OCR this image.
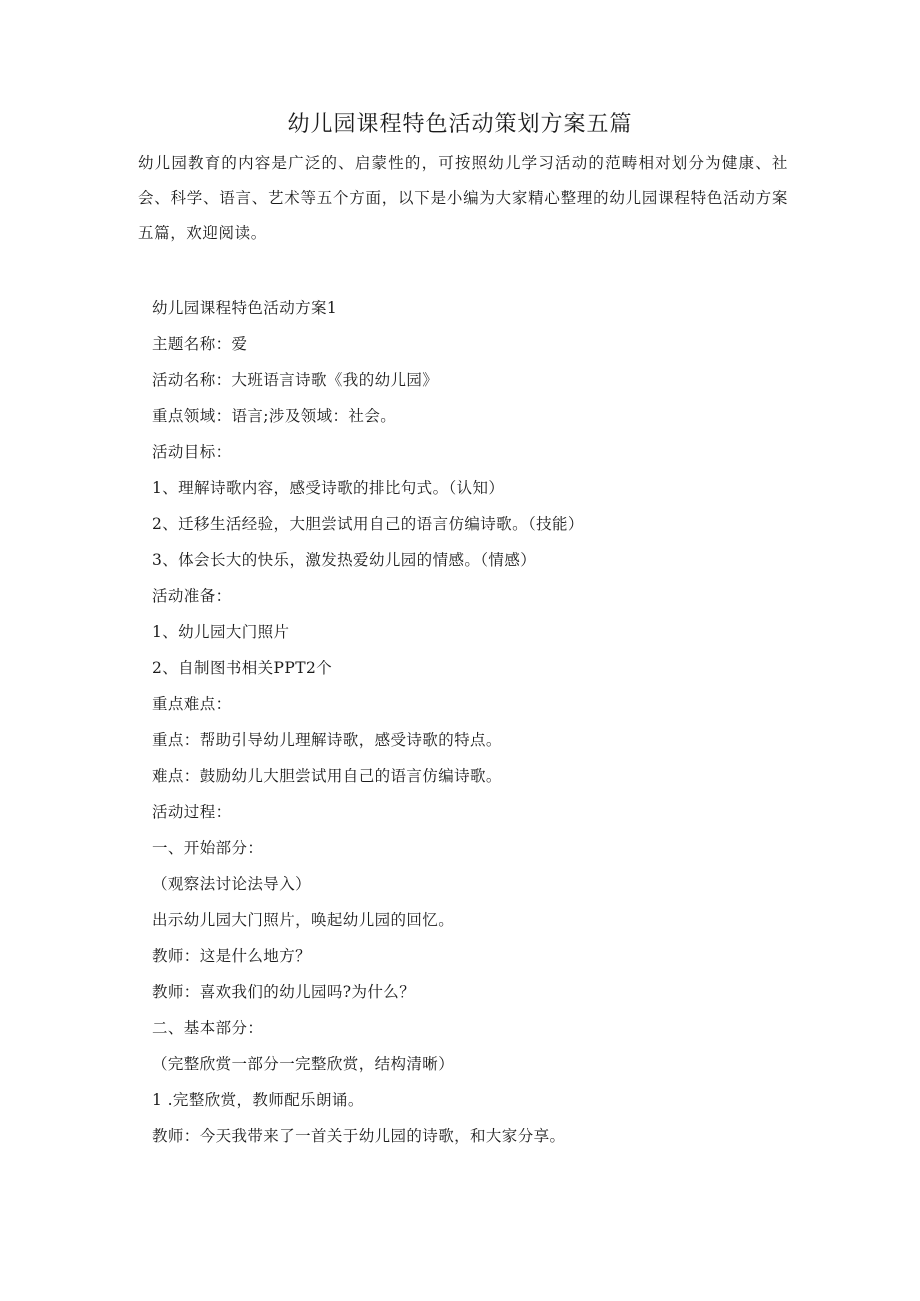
幼儿园课程特色活动策划方案五篇

幼儿园教育的内容是广泛的、启蒙性的，可按照幼儿学习活动的范畴相对划分为健康、社会、科学、语言、艺术等五个方面，以下是小编为大家精心整理的幼儿园课程特色活动方案五篇，欢迎阅读。

幼儿园课程特色活动方案1
主题名称：爱
活动名称：大班语言诗歌《我的幼儿园》
重点领域：语言;涉及领域：社会。
活动目标：
1、理解诗歌内容，感受诗歌的排比句式。（认知）
2、迁移生活经验，大胆尝试用自己的语言仿编诗歌。（技能）
3、体会长大的快乐，激发热爱幼儿园的情感。（情感）
活动准备：
1、幼儿园大门照片
2、自制图书相关PPT2个
重点难点：
重点：帮助引导幼儿理解诗歌，感受诗歌的特点。
难点：鼓励幼儿大胆尝试用自己的语言仿编诗歌。
活动过程：
一、开始部分：
（观察法讨论法导入）
出示幼儿园大门照片，唤起幼儿园的回忆。
教师：这是什么地方？
教师：喜欢我们的幼儿园吗?为什么？
二、基本部分：
（完整欣赏一部分一完整欣赏，结构清晰）
1 .完整欣赏，教师配乐朗诵。
教师：今天我带来了一首关于幼儿园的诗歌，和大家分享。
